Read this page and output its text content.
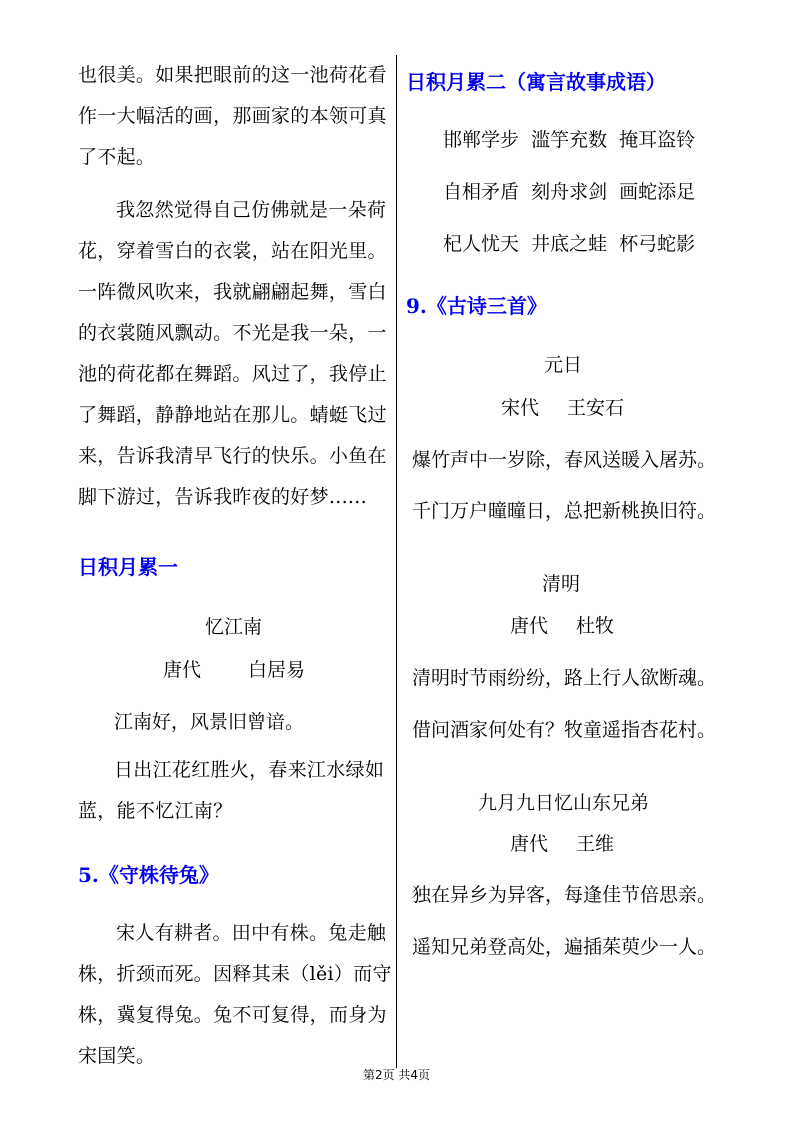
也很美。如果把眼前的这一池荷花看作一大幅活的画，那画家的本领可真了不起。
我忽然觉得自己仿佛就是一朵荷花，穿着雪白的衣裳，站在阳光里。一阵微风吹来，我就翩翩起舞，雪白的衣裳随风飘动。不光是我一朵，一池的荷花都在舞蹈。风过了，我停止了舞蹈，静静地站在那儿。蜻蜓飞过来，告诉我清早飞行的快乐。小鱼在脚下游过，告诉我昨夜的好梦......
日积月累一
忆江南
唐代 白居易
江南好，风景旧曾谙。
日出江花红胜火，春来江水绿如蓝，能不忆江南？
5.《守株待兔》
宋人有耕者。田中有株。兔走触株，折颈而死。因释其耒（lěi）而守株，冀复得兔。兔不可复得，而身为宋国笑。
日积月累二（寓言故事成语）
邯郸学步  滥竽充数  掩耳盗铃
自相矛盾  刻舟求剑  画蛇添足
杞人忧天  井底之蛙  杯弓蛇影
9.《古诗三首》
元日
宋代 王安石
爆竹声中一岁除，春风送暖入屠苏。
千门万户曈曈日，总把新桃换旧符。
清明
唐代 杜牧
清明时节雨纷纷，路上行人欲断魂。
借问酒家何处有？牧童遥指杏花村。
九月九日忆山东兄弟
唐代 王维
独在异乡为异客，每逢佳节倍思亲。
遥知兄弟登高处，遍插茱萸少一人。
第2页 共4页
